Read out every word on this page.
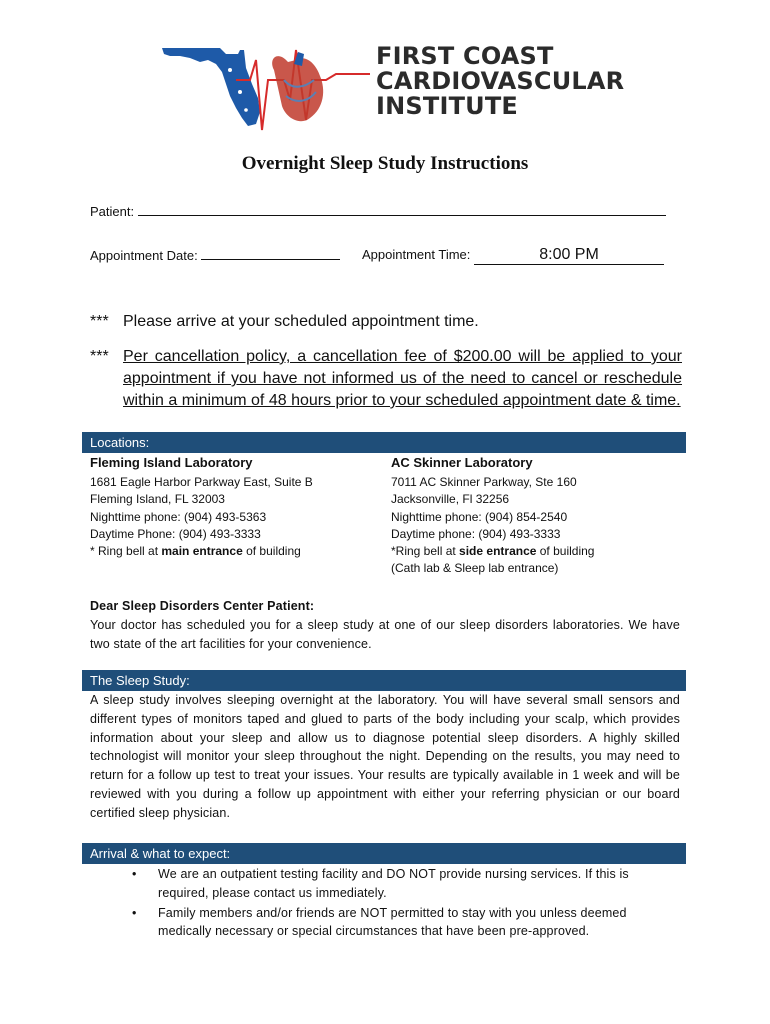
FIRST COAST
CARDIOVASCULAR
INSTITUTE
Overnight Sleep Study Instructions
Patient:
Appointment Date:	Appointment Time:	8:00 PM
*** Please arrive at your scheduled appointment time.
*** Per cancellation policy, a cancellation fee of $200.00 will be applied to your appointment if you have not informed us of the need to cancel or reschedule within a minimum of 48 hours prior to your scheduled appointment date & time.
Locations:
Fleming Island Laboratory
1681 Eagle Harbor Parkway East, Suite B
Fleming Island, FL 32003
Nighttime phone: (904) 493-5363
Daytime Phone: (904) 493-3333
* Ring bell at main entrance of building
AC Skinner Laboratory
7011 AC Skinner Parkway, Ste 160
Jacksonville, Fl 32256
Nighttime phone: (904) 854-2540
Daytime phone: (904) 493-3333
*Ring bell at side entrance of building
(Cath lab & Sleep lab entrance)
Dear Sleep Disorders Center Patient:
Your doctor has scheduled you for a sleep study at one of our sleep disorders laboratories. We have two state of the art facilities for your convenience.
The Sleep Study:
A sleep study involves sleeping overnight at the laboratory. You will have several small sensors and different types of monitors taped and glued to parts of the body including your scalp, which provides information about your sleep and allow us to diagnose potential sleep disorders. A highly skilled technologist will monitor your sleep throughout the night. Depending on the results, you may need to return for a follow up test to treat your issues. Your results are typically available in 1 week and will be reviewed with you during a follow up appointment with either your referring physician or our board certified sleep physician.
Arrival & what to expect:
• We are an outpatient testing facility and DO NOT provide nursing services. If this is required, please contact us immediately.
• Family members and/or friends are NOT permitted to stay with you unless deemed medically necessary or special circumstances that have been pre-approved.
